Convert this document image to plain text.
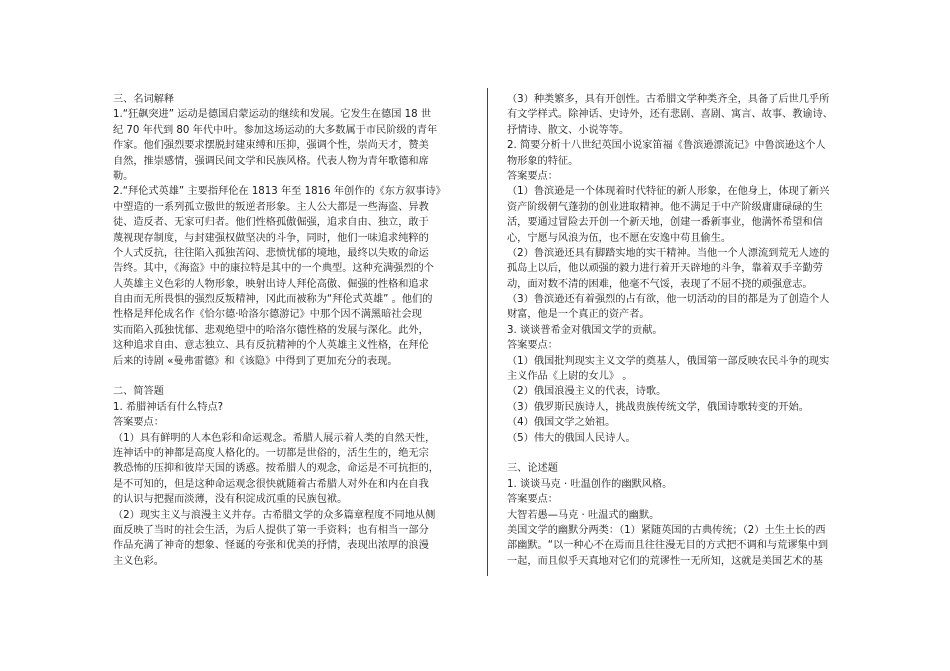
三、名词解释
1.“狂飙突进” 运动是德国启蒙运动的继续和发展。它发生在德国 18 世
纪 70 年代到 80 年代中叶。参加这场运动的大多数属于市民阶级的青年
作家。他们强烈要求摆脱封建束缚和压抑，强调个性，崇尚天才，赞美
自然，推崇感情，强调民间文学和民族风格。代表人物为青年歌德和席
勒。
2.“拜伦式英雄” 主要指拜伦在 1813 年至 1816 年创作的《东方叙事诗》
中塑造的一系列孤立傲世的叛逆者形象。主人公大都是一些海盗、异教
徒、造反者、无家可归者。他们性格孤傲倔强，追求自由、独立，敢于
蔑视现存制度，与封建强权做坚决的斗争，同时，他们一味追求纯粹的
个人式反抗，往往陷入孤独苦闷、悲愤忧郁的境地，最终以失败的命运
告终。其中，《海盗》中的康拉特是其中的一个典型。这种充满强烈的个
人英雄主义色彩的人物形象，映射出诗人拜伦高傲、倔强的性格和追求
自由而无所畏惧的强烈反叛精神，冈此而被称为“拜伦式英雄” 。他们的
性格是拜伦成名作《恰尔德·哈洛尔德游记》中那个因不满黑暗社会现
实而陷入孤独忧郁、悲观绝望中的哈洛尔德性格的发展与深化。此外，
这种追求自由、意志独立、具有反抗精神的个人英雄主义性格，在拜伦
后来的诗剧 «曼弗雷德》和《该隐》中得到了更加充分的表现。
二、简答题
1. 希腊神话有什么特点?
答案要点：
（1）具有鲜明的人本色彩和命运观念。希腊人展示着人类的自然天性，
连神话中的神都是高度人格化的。一切都是世俗的，活生生的，绝无宗
教恐怖的压抑和彼岸天国的诱惑。按希腊人的观念，命运是不可抗拒的，
是不可知的，但是这种命运观念很快就随着古希腊人对外在和内在自我
的认识与把握而淡薄，没有积淀成沉重的民族包袱。
（2）现实主义与浪漫主义并存。古希腊文学的众多篇章程度不同地从侧
面反映了当时的社会生活，为后人提供了第一手资料；也有相当一部分
作品充满了神奇的想象、怪诞的夸张和优美的抒情，表现出浓厚的浪漫
主义色彩。
（3）种类繁多，具有开创性。古希腊文学种类齐全，具备了后世几乎所
有文学样式。除神话、史诗外，还有悲剧、喜剧、寓言、故事、教谕诗、
抒情诗、散文、小说等等。
2. 简要分析十八世纪英国小说家笛福《鲁滨逊漂流记》中鲁滨逊这个人
物形象的特征。
答案要点：
（1）鲁滨逊是一个体现着时代特征的新人形象，在他身上，体现了新兴
资产阶级朝气蓬勃的创业进取精神。他不满足于中产阶级庸庸碌碌的生
活，要通过冒险去开创一个新天地，创建一番新事业，他满怀希望和信
心，宁愿与风浪为伍，也不愿在安逸中苟且偷生。
（2）鲁滨逊还具有脚踏实地的实干精神。当他一个人漂流到荒无人迹的
孤岛上以后，他以顽强的毅力进行着开天辟地的斗争，靠着双手辛勤劳
动，面对数不清的困难，他毫不气馁，表现了不屈不挠的顽强意志。
（3）鲁滨逊还有着强烈的占有欲，他一切活动的目的都是为了创造个人
财富，他是一个真正的资产者。
3. 谈谈普希金对俄国文学的贡献。
答案要点：
（1）俄国批判现实主义文学的奠基人，俄国第一部反映农民斗争的现实
主义作品《上尉的女儿》 。
（2）俄国浪漫主义的代表，诗歌。
（3）俄罗斯民族诗人，挑战贵族传统文学，俄国诗歌转变的开始。
（4）俄国文学之始祖。
（5）伟大的俄国人民诗人。
三、论述题
1. 谈谈马克 · 吐温创作的幽默风格。
答案要点：
大智若愚—马克 · 吐温式的幽默。
美国文学的幽默分两类：（1）紧随英国的古典传统；（2）土生土长的西
部幽默。“以一种心不在焉而且往往漫无目的方式把不调和与荒谬集中到
一起，而且似乎天真地对它们的荒谬性一无所知，这就是美国艺术的基
